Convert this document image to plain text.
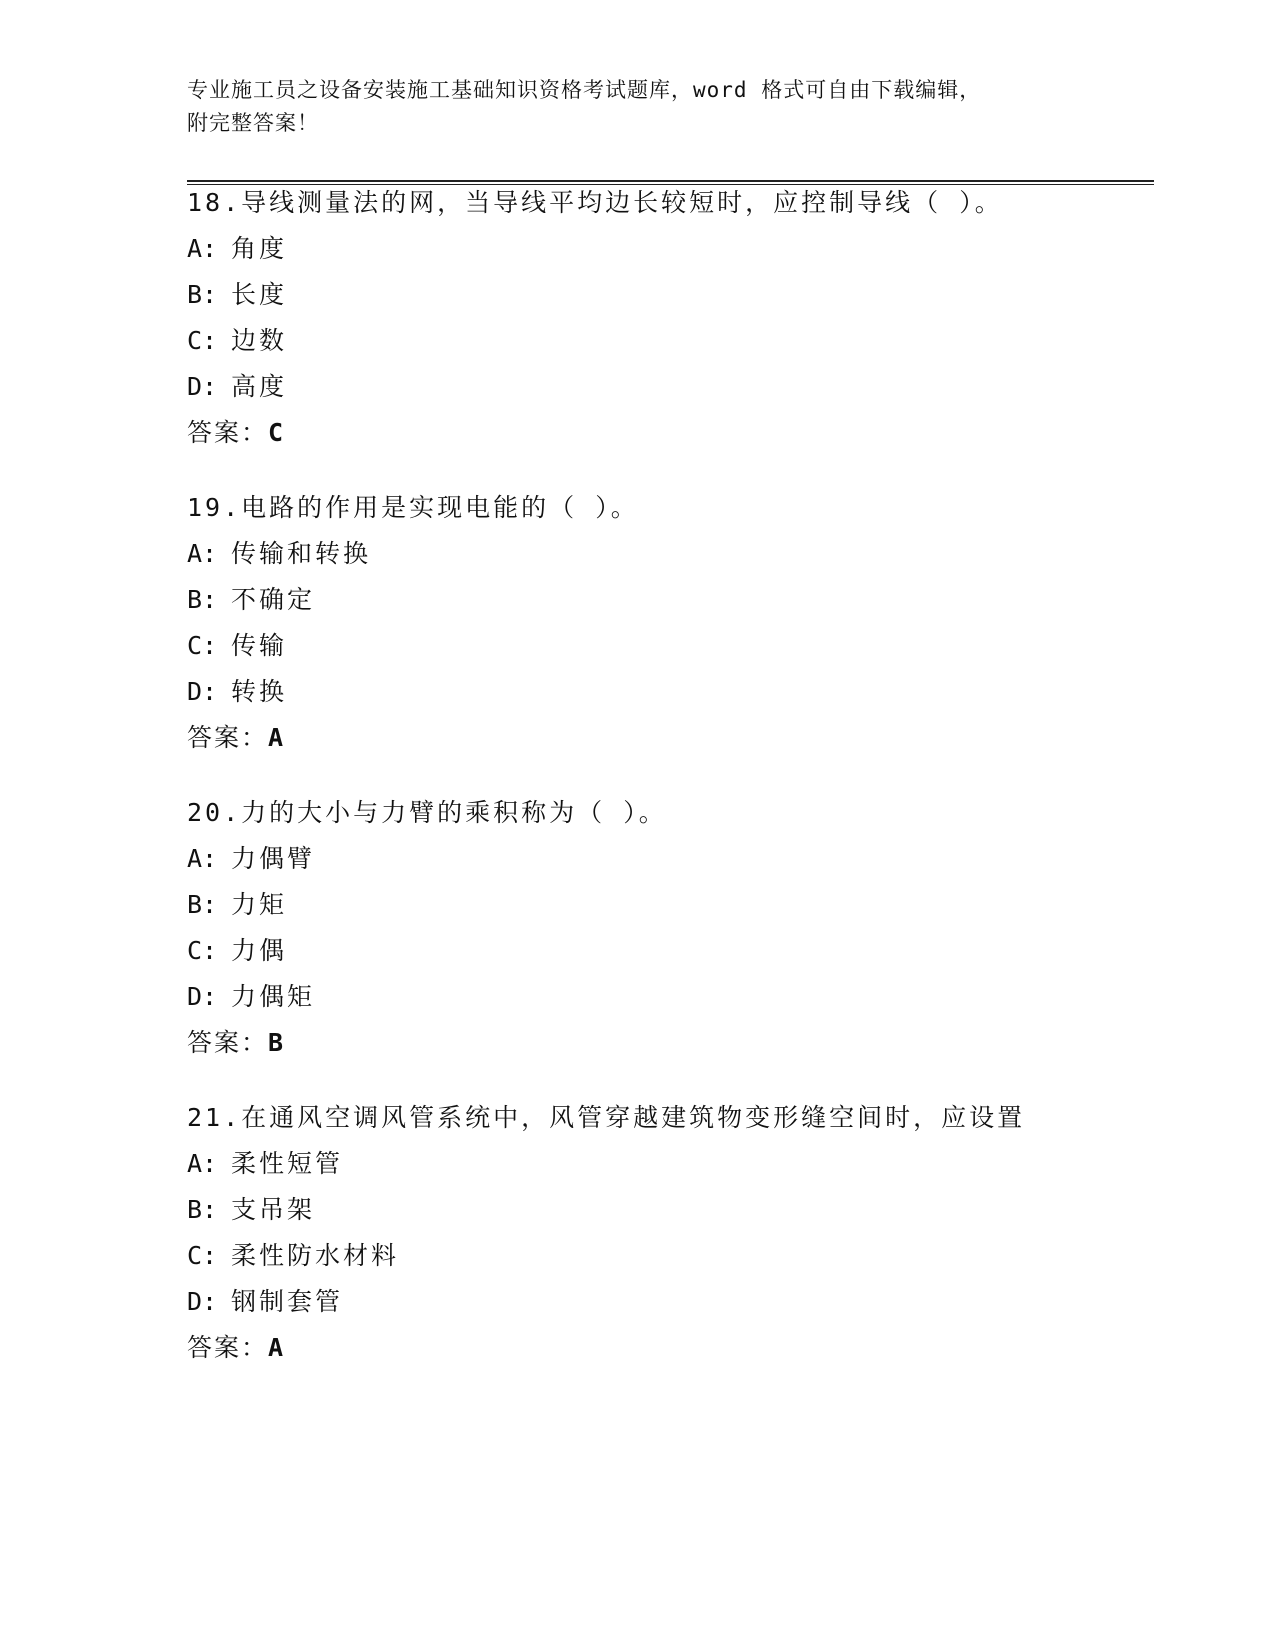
专业施工员之设备安装施工基础知识资格考试题库，word 格式可自由下载编辑，
附完整答案！
18.导线测量法的网，当导线平均边长较短时，应控制导线（ ）。
A: 角度
B: 长度
C: 边数
D: 高度
答案：C
19.电路的作用是实现电能的（ ）。
A: 传输和转换
B: 不确定
C: 传输
D: 转换
答案：A
20.力的大小与力臂的乘积称为（ ）。
A: 力偶臂
B: 力矩
C: 力偶
D: 力偶矩
答案：B
21.在通风空调风管系统中，风管穿越建筑物变形缝空间时，应设置
A: 柔性短管
B: 支吊架
C: 柔性防水材料
D: 钢制套管
答案：A
